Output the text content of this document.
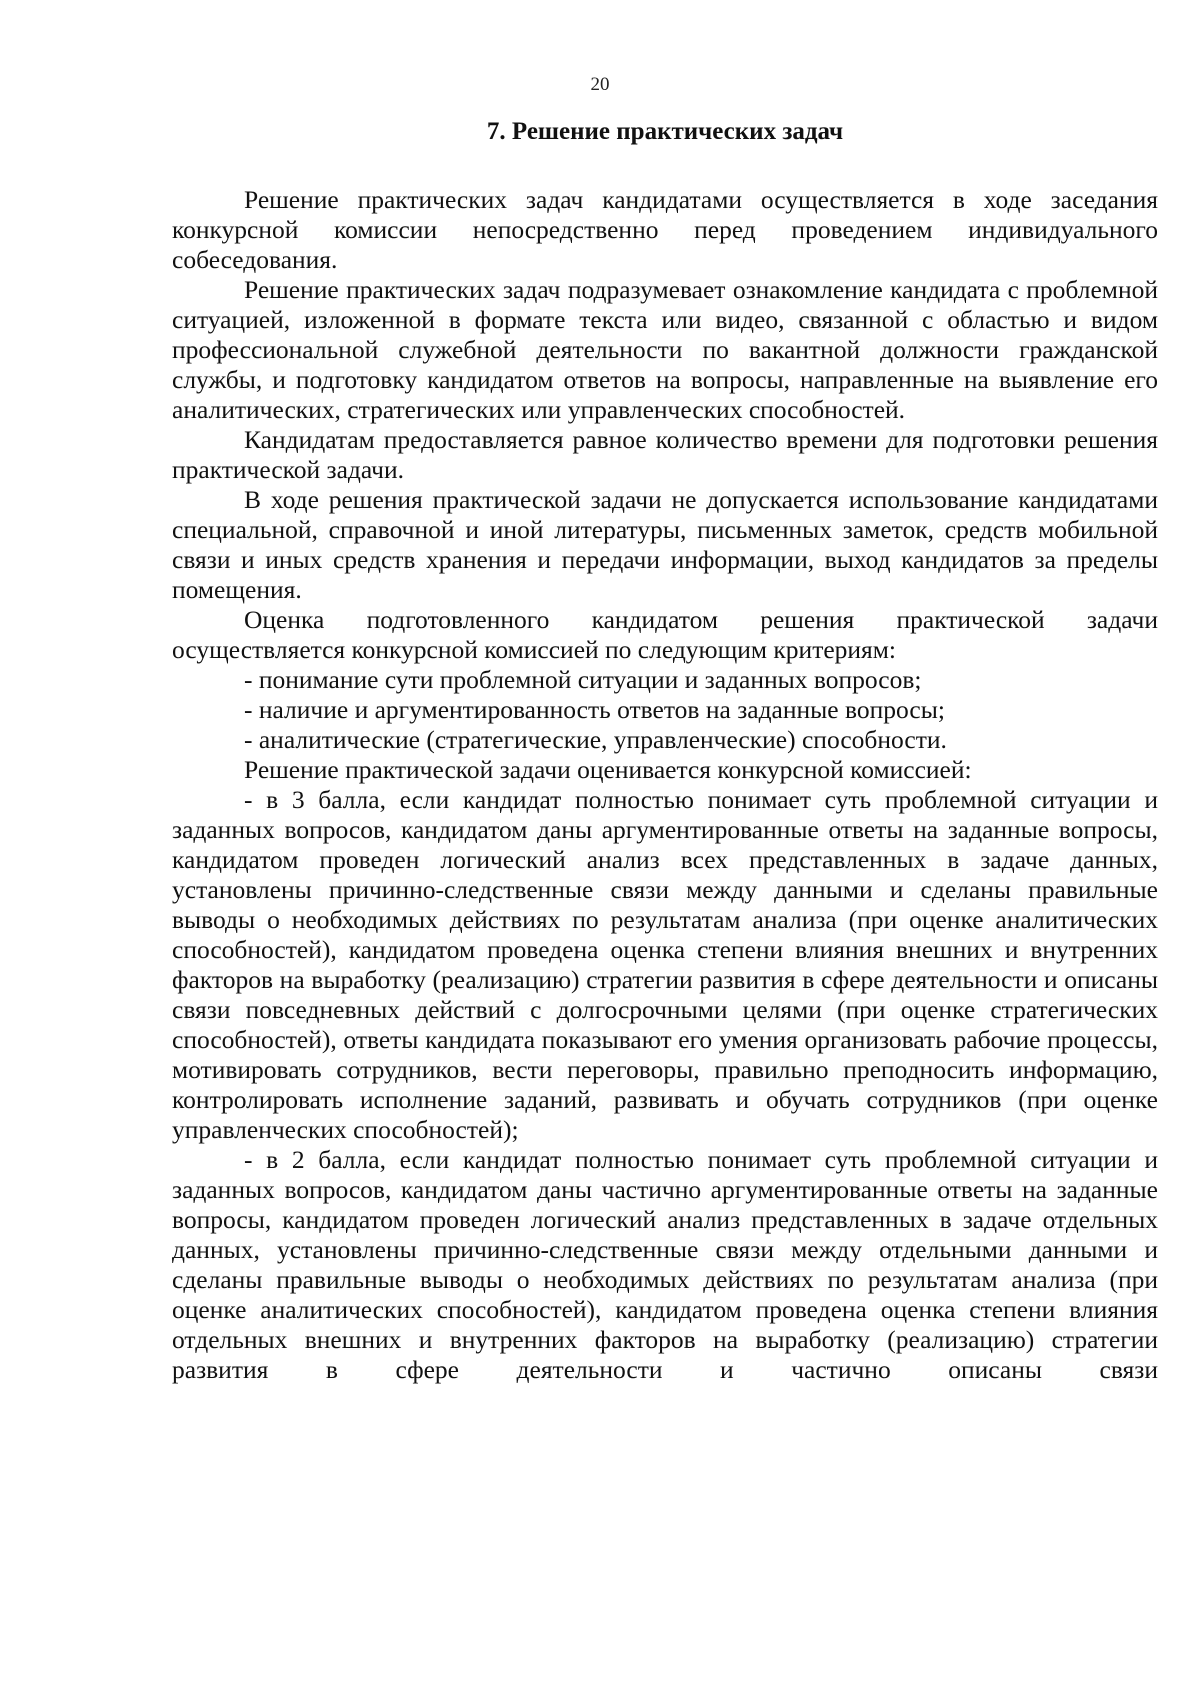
20
7. Решение практических задач

Решение практических задач кандидатами осуществляется в ходе заседания конкурсной комиссии непосредственно перед проведением индивидуального собеседования.

Решение практических задач подразумевает ознакомление кандидата с проблемной ситуацией, изложенной в формате текста или видео, связанной с областью и видом профессиональной служебной деятельности по вакантной должности гражданской службы, и подготовку кандидатом ответов на вопросы, направленные на выявление его аналитических, стратегических или управленческих способностей.

Кандидатам предоставляется равное количество времени для подготовки решения практической задачи.

В ходе решения практической задачи не допускается использование кандидатами специальной, справочной и иной литературы, письменных заметок, средств мобильной связи и иных средств хранения и передачи информации, выход кандидатов за пределы помещения.

Оценка подготовленного кандидатом решения практической задачи осуществляется конкурсной комиссией по следующим критериям:

- понимание сути проблемной ситуации и заданных вопросов;

- наличие и аргументированность ответов на заданные вопросы;

- аналитические (стратегические, управленческие) способности.

Решение практической задачи оценивается конкурсной комиссией:

- в 3 балла, если кандидат полностью понимает суть проблемной ситуации и заданных вопросов, кандидатом даны аргументированные ответы на заданные вопросы, кандидатом проведен логический анализ всех представленных в задаче данных, установлены причинно-следственные связи между данными и сделаны правильные выводы о необходимых действиях по результатам анализа (при оценке аналитических способностей), кандидатом проведена оценка степени влияния внешних и внутренних факторов на выработку (реализацию) стратегии развития в сфере деятельности и описаны связи повседневных действий с долгосрочными целями (при оценке стратегических способностей), ответы кандидата показывают его умения организовать рабочие процессы, мотивировать сотрудников, вести переговоры, правильно преподносить информацию, контролировать исполнение заданий, развивать и обучать сотрудников (при оценке управленческих способностей);

- в 2 балла, если кандидат полностью понимает суть проблемной ситуации и заданных вопросов, кандидатом даны частично аргументированные ответы на заданные вопросы, кандидатом проведен логический анализ представленных в задаче отдельных данных, установлены причинно-следственные связи между отдельными данными и сделаны правильные выводы о необходимых действиях по результатам анализа (при оценке аналитических способностей), кандидатом проведена оценка степени влияния отдельных внешних и внутренних факторов на выработку (реализацию) стратегии развития в сфере деятельности и частично описаны связи
